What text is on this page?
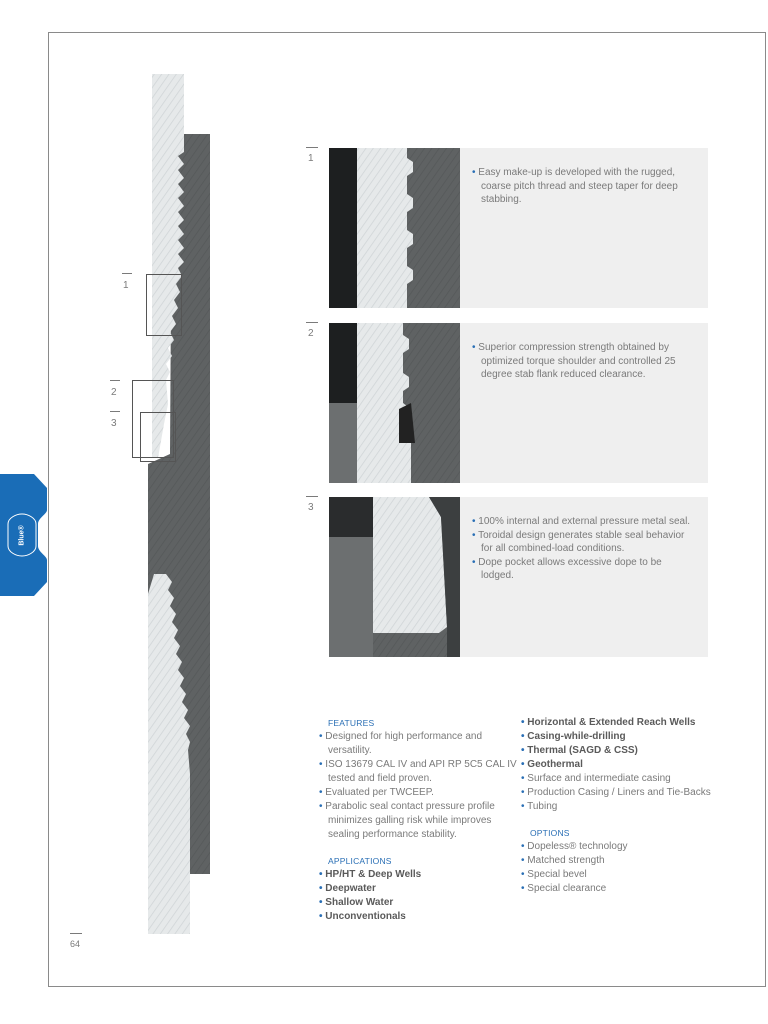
Blue®
1
2
3
1
• Easy make-up is developed with the rugged, coarse pitch thread and steep taper for deep stabbing.
2
• Superior compression strength obtained by optimized torque shoulder and controlled 25 degree stab flank reduced clearance.
3
• 100% internal and external pressure metal seal.
• Toroidal design generates stable seal behavior for all combined-load conditions.
• Dope pocket allows excessive dope to be lodged.
FEATURES
• Designed for high performance and versatility.
• ISO 13679 CAL IV and API RP 5C5 CAL IV tested and field proven.
• Evaluated per TWCEEP.
• Parabolic seal contact pressure profile minimizes galling risk while improves sealing performance stability.
APPLICATIONS
• HP/HT & Deep Wells
• Deepwater
• Shallow Water
• Unconventionals
• Horizontal & Extended Reach Wells
• Casing-while-drilling
• Thermal (SAGD & CSS)
• Geothermal
• Surface and intermediate casing
• Production Casing / Liners and Tie-Backs
• Tubing
OPTIONS
• Dopeless® technology
• Matched strength
• Special bevel
• Special clearance
64
